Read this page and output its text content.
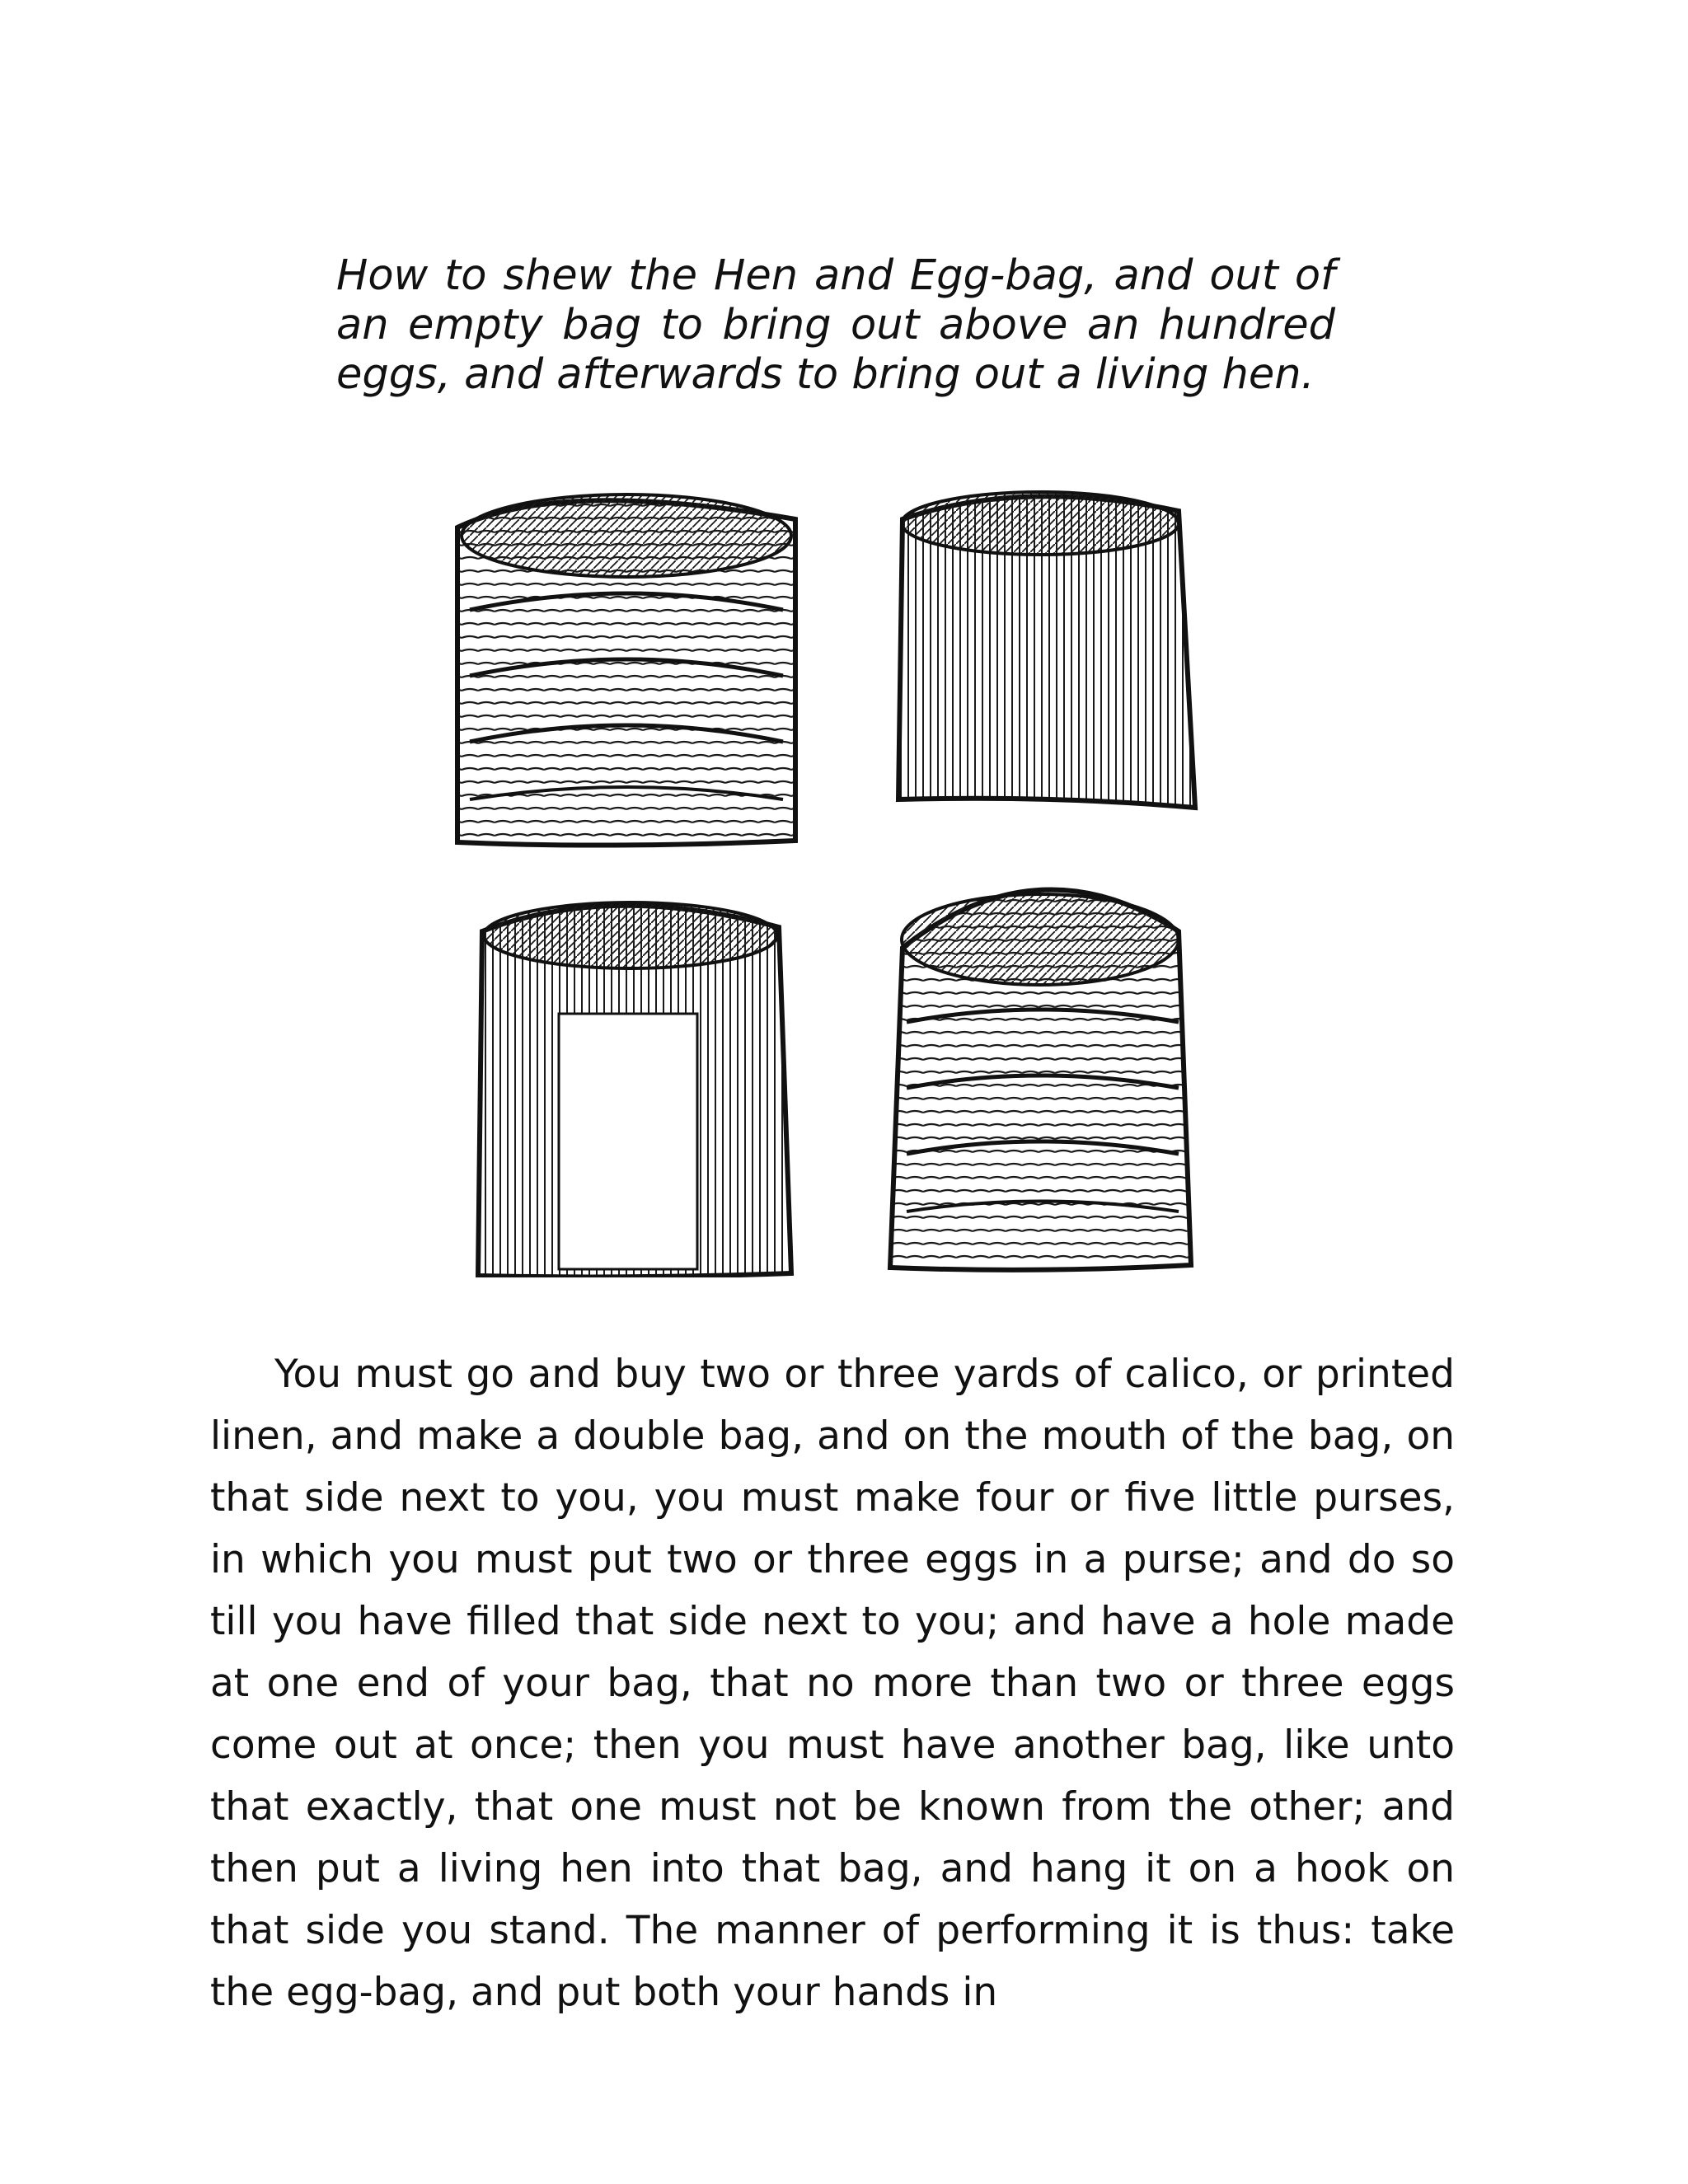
How to shew the Hen and Egg-bag, and out of an empty bag to bring out above an hundred eggs, and afterwards to bring out a living hen.

You must go and buy two or three yards of calico, or printed linen, and make a double bag, and on the mouth of the bag, on that side next to you, you must make four or five little purses, in which you must put two or three eggs in a purse; and do so till you have filled that side next to you; and have a hole made at one end of your bag, that no more than two or three eggs come out at once; then you must have another bag, like unto that exactly, that one must not be known from the other; and then put a living hen into that bag, and hang it on a hook on that side you stand. The manner of performing it is thus: take the egg-bag, and put both your hands in
